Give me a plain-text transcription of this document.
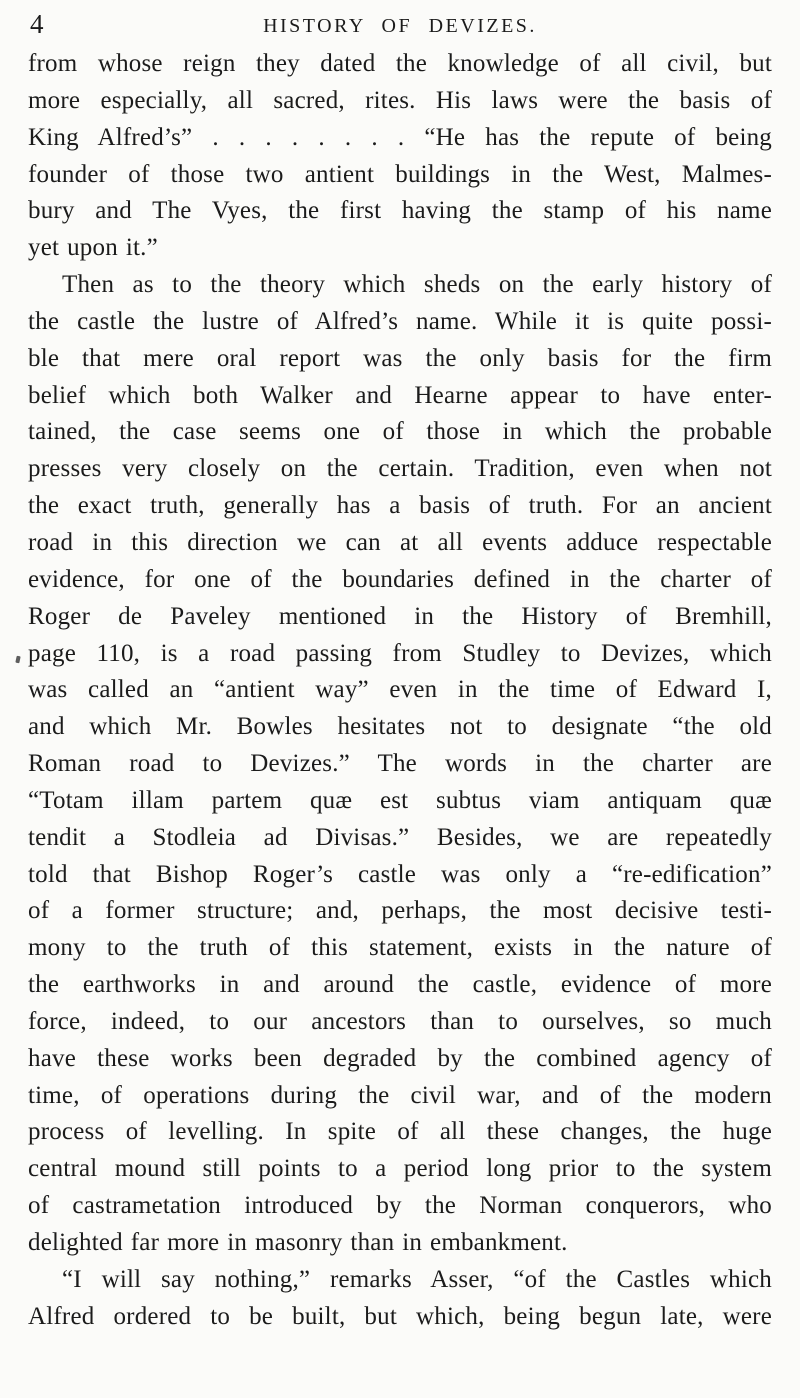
4	HISTORY OF DEVIZES.
from whose reign they dated the knowledge of all civil, but
more especially, all sacred, rites. His laws were the basis of
King Alfred’s” . . . . . . . . “He has the repute of being
founder of those two antient buildings in the West, Malmes-
bury and The Vyes, the first having the stamp of his name
yet upon it.”
Then as to the theory which sheds on the early history of
the castle the lustre of Alfred’s name. While it is quite possi-
ble that mere oral report was the only basis for the firm
belief which both Walker and Hearne appear to have enter-
tained, the case seems one of those in which the probable
presses very closely on the certain. Tradition, even when not
the exact truth, generally has a basis of truth. For an ancient
road in this direction we can at all events adduce respectable
evidence, for one of the boundaries defined in the charter of
Roger de Paveley mentioned in the History of Bremhill,
page 110, is a road passing from Studley to Devizes, which
was called an “antient way” even in the time of Edward I,
and which Mr. Bowles hesitates not to designate “the old
Roman road to Devizes.” The words in the charter are
“Totam illam partem quæ est subtus viam antiquam quæ
tendit a Stodleia ad Divisas.” Besides, we are repeatedly
told that Bishop Roger’s castle was only a “re-edification”
of a former structure; and, perhaps, the most decisive testi-
mony to the truth of this statement, exists in the nature of
the earthworks in and around the castle, evidence of more
force, indeed, to our ancestors than to ourselves, so much
have these works been degraded by the combined agency of
time, of operations during the civil war, and of the modern
process of levelling. In spite of all these changes, the huge
central mound still points to a period long prior to the system
of castrametation introduced by the Norman conquerors, who
delighted far more in masonry than in embankment.
“I will say nothing,” remarks Asser, “of the Castles which
Alfred ordered to be built, but which, being begun late, were
